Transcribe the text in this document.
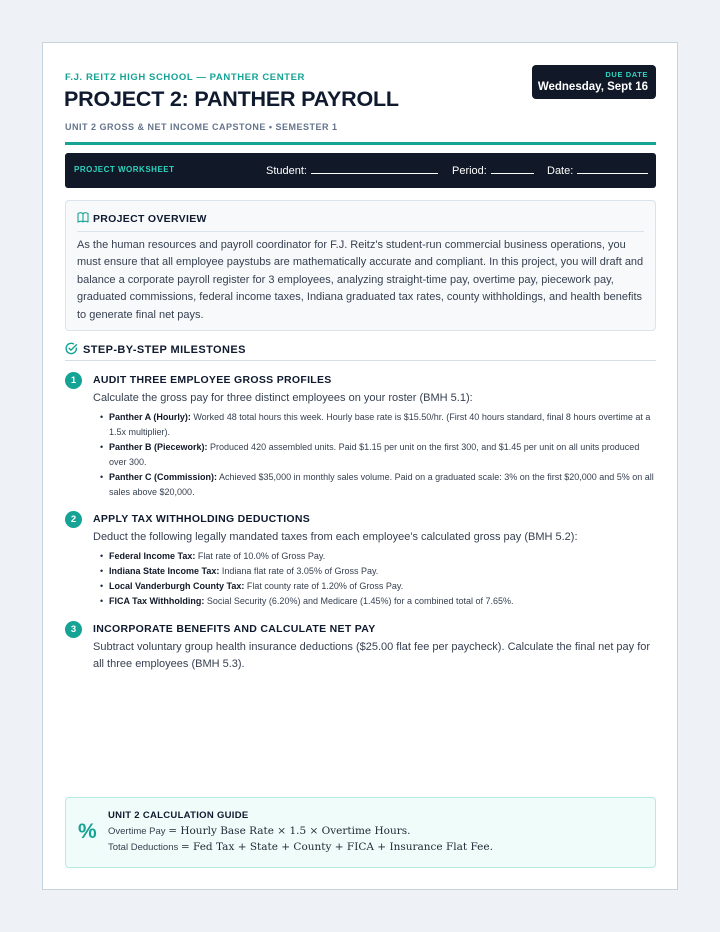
F.J. REITZ HIGH SCHOOL — PANTHER CENTER
PROJECT 2: PANTHER PAYROLL
UNIT 2 GROSS & NET INCOME CAPSTONE • SEMESTER 1
DUE DATE
Wednesday, Sept 16
PROJECT WORKSHEET	Student:	Period:	Date:
PROJECT OVERVIEW
As the human resources and payroll coordinator for F.J. Reitz's student-run commercial business operations, you must ensure that all employee paystubs are mathematically accurate and compliant. In this project, you will draft and balance a corporate payroll register for 3 employees, analyzing straight-time pay, overtime pay, piecework pay, graduated commissions, federal income taxes, Indiana graduated tax rates, county withholdings, and health benefits to generate final net pays.
STEP-BY-STEP MILESTONES
1	AUDIT THREE EMPLOYEE GROSS PROFILES
Calculate the gross pay for three distinct employees on your roster (BMH 5.1):
• Panther A (Hourly): Worked 48 total hours this week. Hourly base rate is $15.50/hr. (First 40 hours standard, final 8 hours overtime at a 1.5x multiplier).
• Panther B (Piecework): Produced 420 assembled units. Paid $1.15 per unit on the first 300, and $1.45 per unit on all units produced over 300.
• Panther C (Commission): Achieved $35,000 in monthly sales volume. Paid on a graduated scale: 3% on the first $20,000 and 5% on all sales above $20,000.
2	APPLY TAX WITHHOLDING DEDUCTIONS
Deduct the following legally mandated taxes from each employee's calculated gross pay (BMH 5.2):
• Federal Income Tax: Flat rate of 10.0% of Gross Pay.
• Indiana State Income Tax: Indiana flat rate of 3.05% of Gross Pay.
• Local Vanderburgh County Tax: Flat county rate of 1.20% of Gross Pay.
• FICA Tax Withholding: Social Security (6.20%) and Medicare (1.45%) for a combined total of 7.65%.
3	INCORPORATE BENEFITS AND CALCULATE NET PAY
Subtract voluntary group health insurance deductions ($25.00 flat fee per paycheck). Calculate the final net pay for all three employees (BMH 5.3).
%
UNIT 2 CALCULATION GUIDE
Overtime Pay = Hourly Base Rate × 1.5 × Overtime Hours.
Total Deductions = Fed Tax + State + County + FICA + Insurance Flat Fee.
